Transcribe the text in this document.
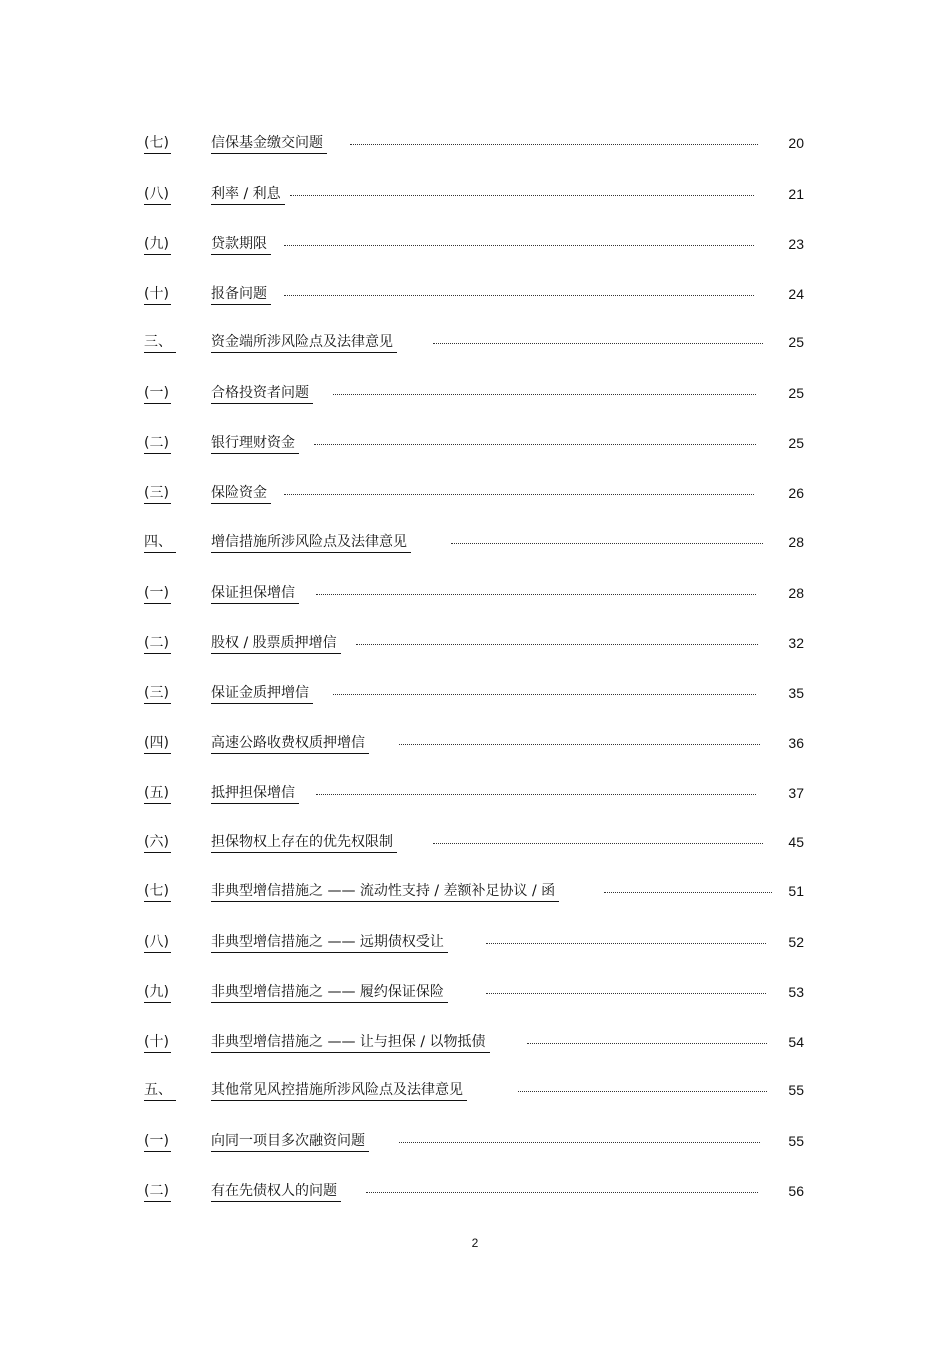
(七)	信保基金缴交问题	20
(八)	利率 / 利息	21
(九)	贷款期限	23
(十)	报备问题	24
三、	资金端所涉风险点及法律意见	25
(一)	合格投资者问题	25
(二)	银行理财资金	25
(三)	保险资金	26
四、	增信措施所涉风险点及法律意见	28
(一)	保证担保增信	28
(二)	股权 / 股票质押增信	32
(三)	保证金质押增信	35
(四)	高速公路收费权质押增信	36
(五)	抵押担保增信	37
(六)	担保物权上存在的优先权限制	45
(七)	非典型增信措施之 —— 流动性支持 / 差额补足协议 / 函	51
(八)	非典型增信措施之 —— 远期债权受让	52
(九)	非典型增信措施之 —— 履约保证保险	53
(十)	非典型增信措施之 —— 让与担保 / 以物抵债	54
五、	其他常见风控措施所涉风险点及法律意见	55
(一)	向同一项目多次融资问题	55
(二)	有在先债权人的问题	56
2
